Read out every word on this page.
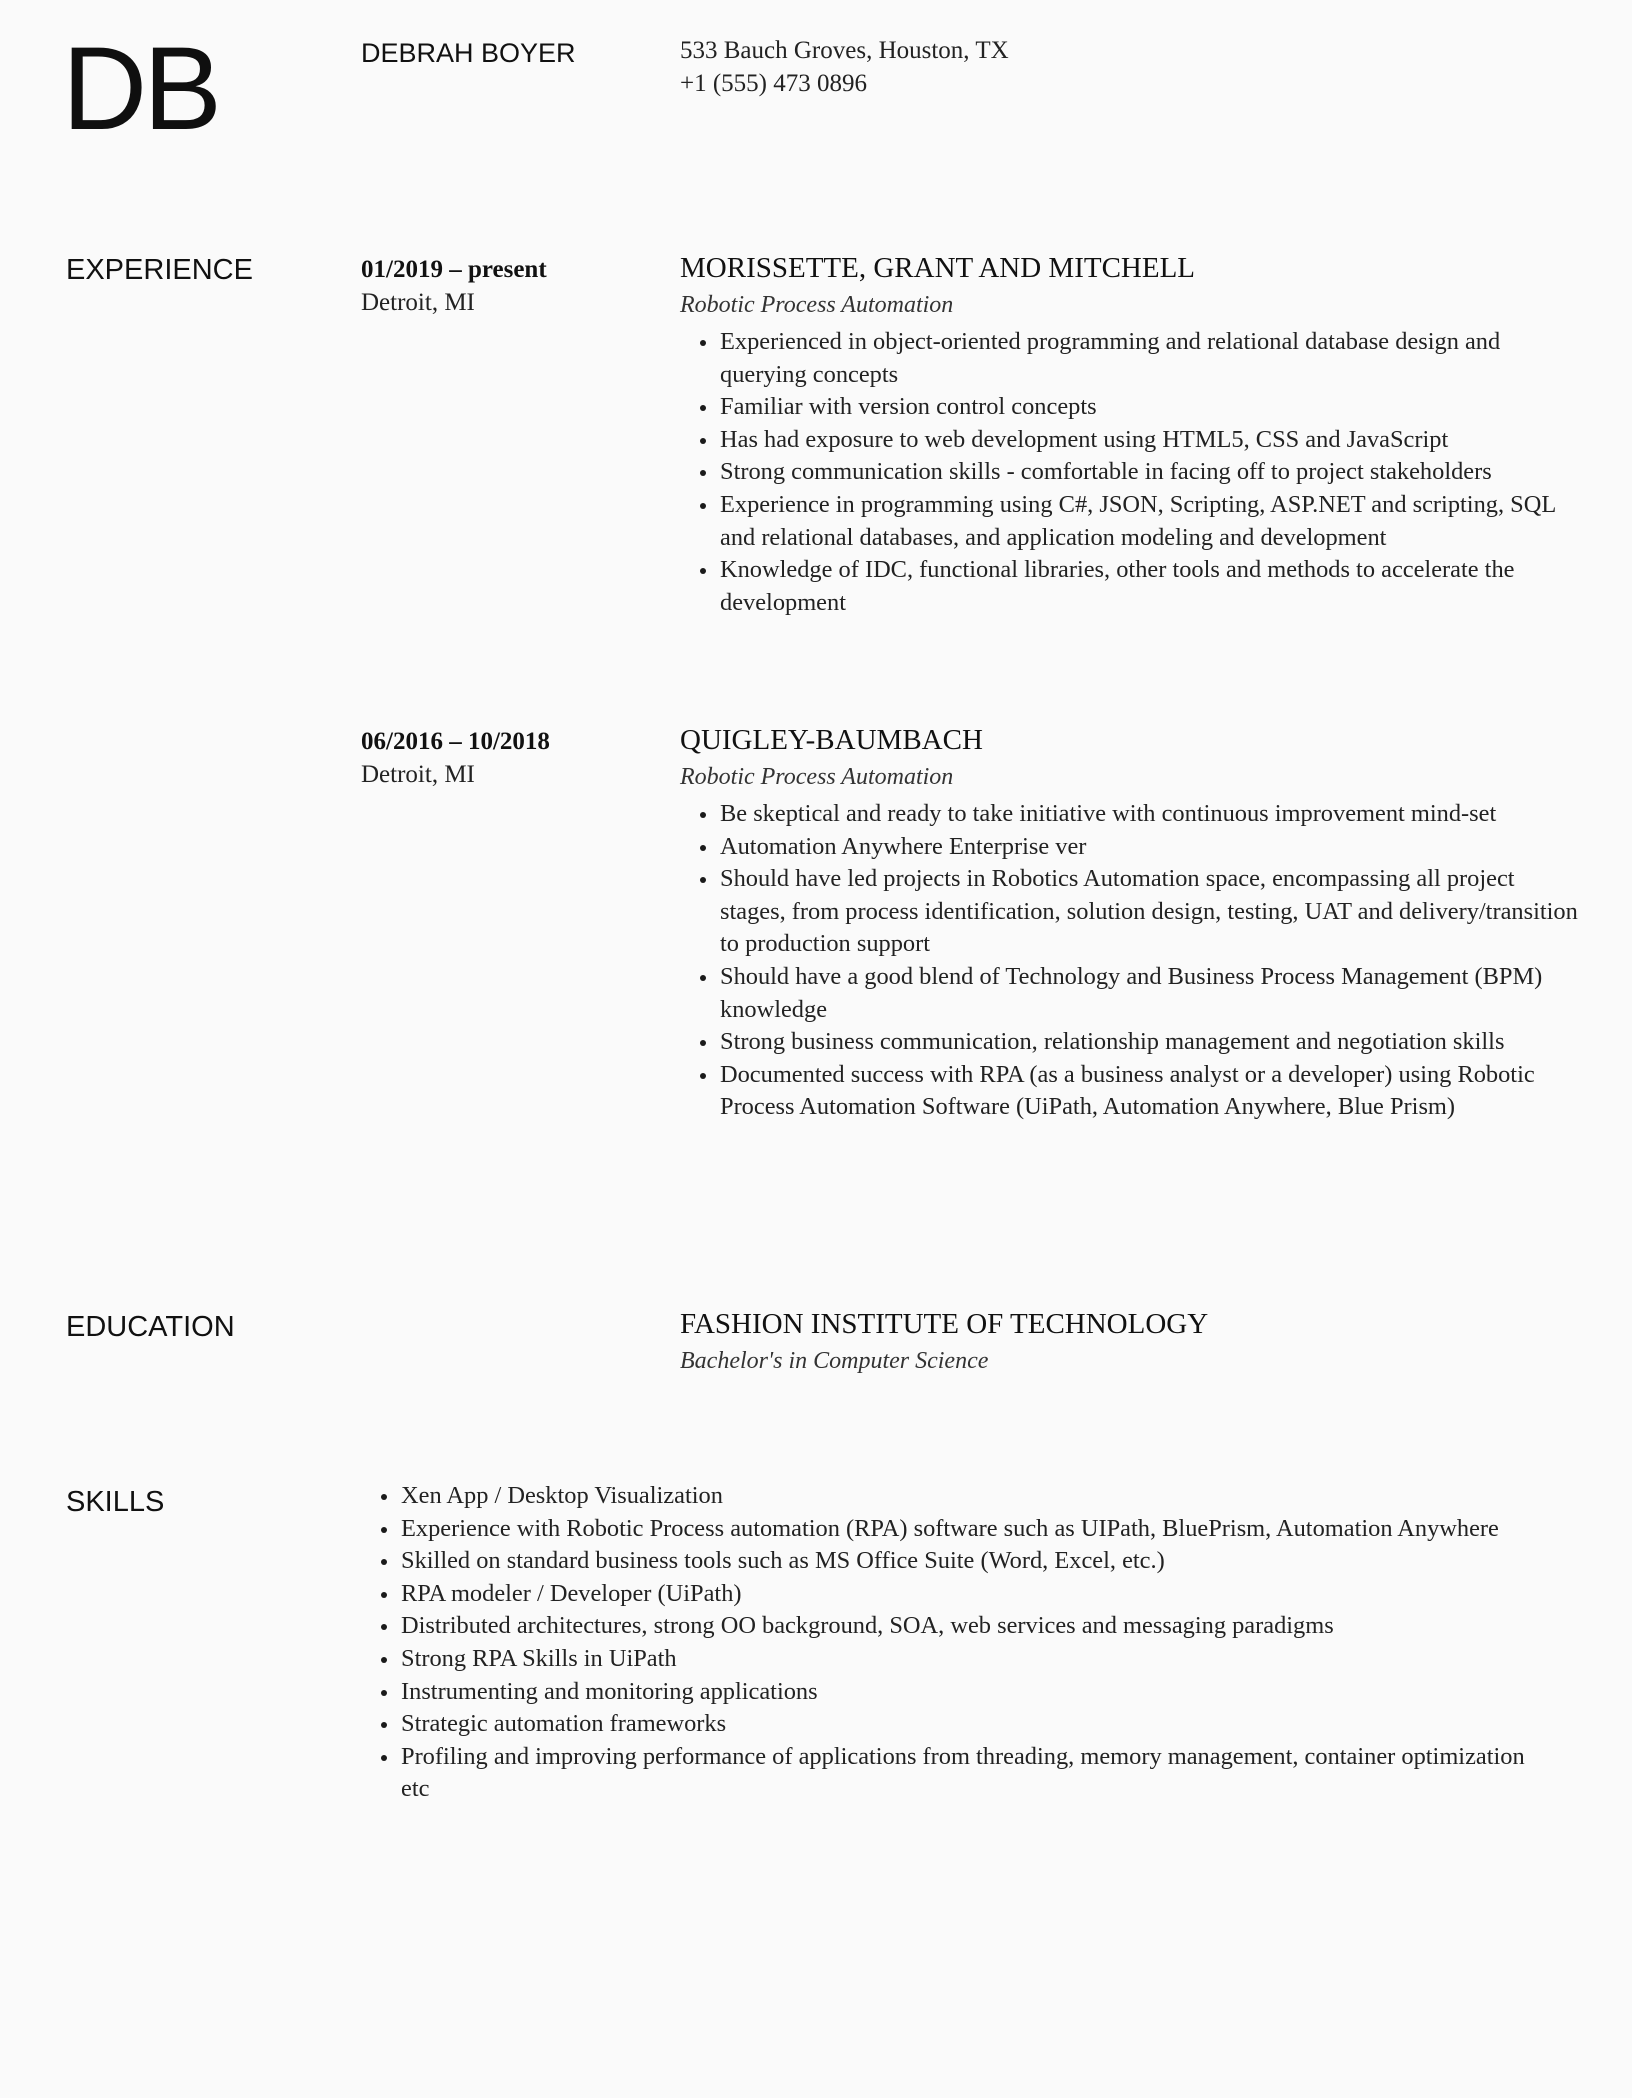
DB	DEBRAH BOYER	533 Bauch Groves, Houston, TX
+1 (555) 473 0896
EXPERIENCE	01/2019 – present
Detroit, MI
MORISSETTE, GRANT AND MITCHELL
Robotic Process Automation
Experienced in object-oriented programming and relational database design and querying concepts
Familiar with version control concepts
Has had exposure to web development using HTML5, CSS and JavaScript
Strong communication skills - comfortable in facing off to project stakeholders
Experience in programming using C#, JSON, Scripting, ASP.NET and scripting, SQL and relational databases, and application modeling and development
Knowledge of IDC, functional libraries, other tools and methods to accelerate the development
06/2016 – 10/2018
Detroit, MI
QUIGLEY-BAUMBACH
Robotic Process Automation
Be skeptical and ready to take initiative with continuous improvement mind-set
Automation Anywhere Enterprise ver
Should have led projects in Robotics Automation space, encompassing all project stages, from process identification, solution design, testing, UAT and delivery/transition to production support
Should have a good blend of Technology and Business Process Management (BPM) knowledge
Strong business communication, relationship management and negotiation skills
Documented success with RPA (as a business analyst or a developer) using Robotic Process Automation Software (UiPath, Automation Anywhere, Blue Prism)
EDUCATION	FASHION INSTITUTE OF TECHNOLOGY
Bachelor's in Computer Science
SKILLS	Xen App / Desktop Visualization
Experience with Robotic Process automation (RPA) software such as UIPath, BluePrism, Automation Anywhere
Skilled on standard business tools such as MS Office Suite (Word, Excel, etc.)
RPA modeler / Developer (UiPath)
Distributed architectures, strong OO background, SOA, web services and messaging paradigms
Strong RPA Skills in UiPath
Instrumenting and monitoring applications
Strategic automation frameworks
Profiling and improving performance of applications from threading, memory management, container optimization etc
